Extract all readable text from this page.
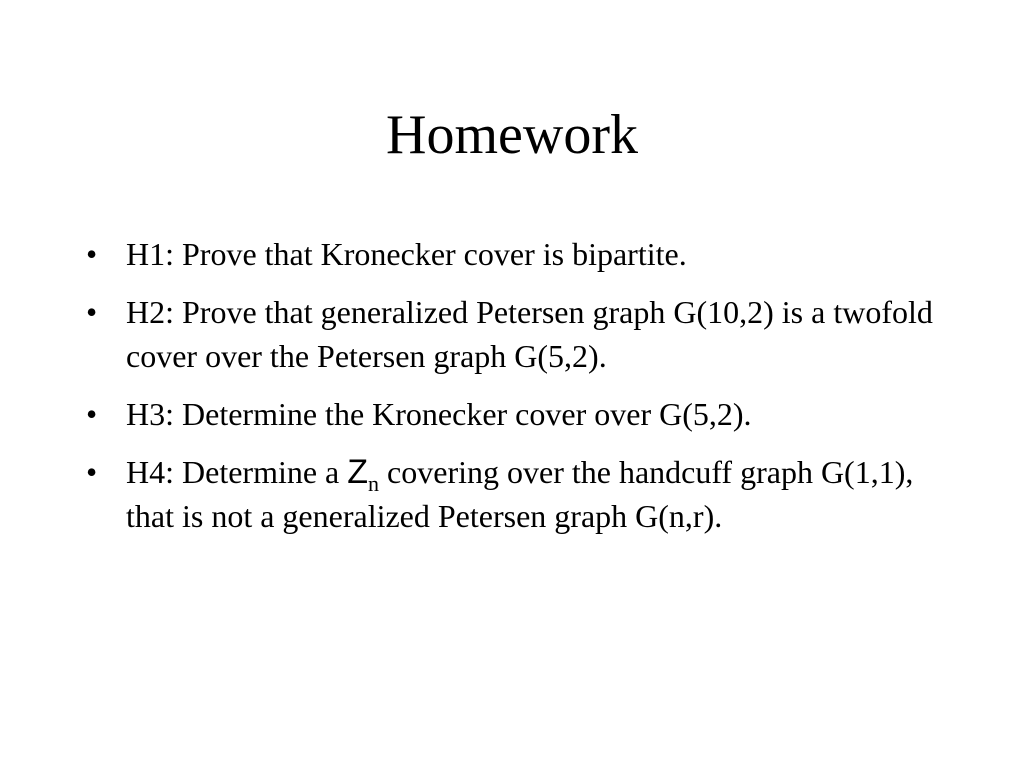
Homework
• H1: Prove that Kronecker cover is bipartite.
• H2: Prove that generalized Petersen graph G(10,2) is a twofold cover over the Petersen graph G(5,2).
• H3: Determine the Kronecker cover over G(5,2).
• H4: Determine a $Z_n$ covering over the handcuff graph G(1,1), that is not a generalized Petersen graph G(n,r).
